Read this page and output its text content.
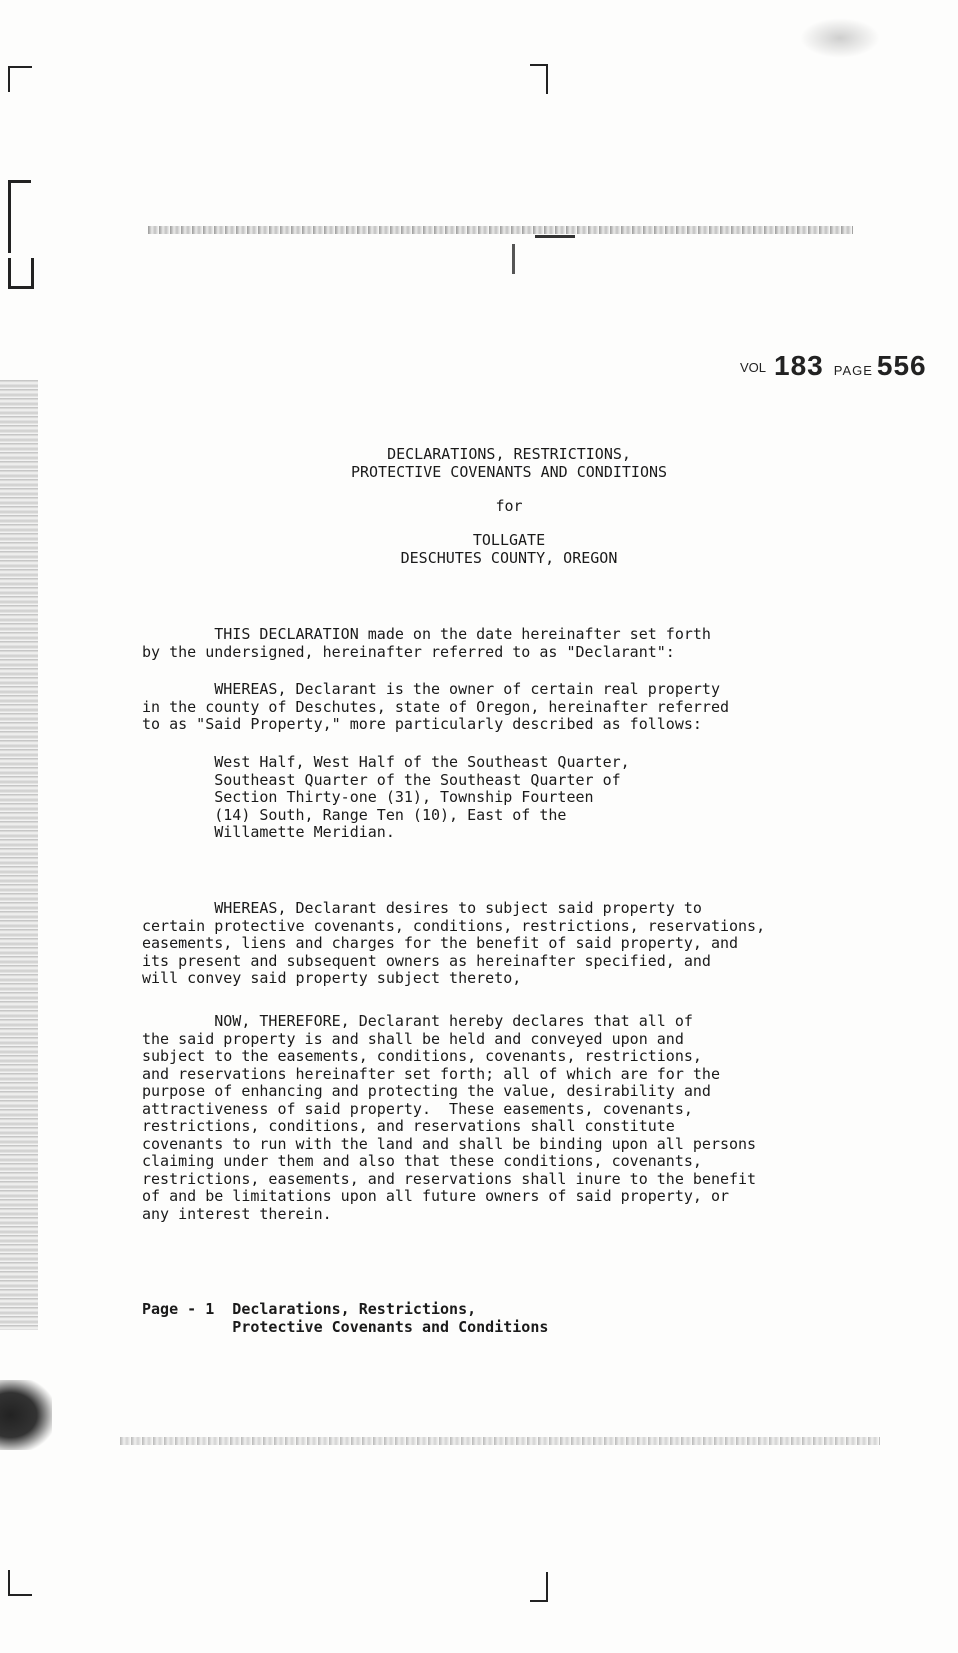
VOL 183 PAGE 556
DECLARATIONS, RESTRICTIONS,
PROTECTIVE COVENANTS AND CONDITIONS
for
TOLLGATE
DESCHUTES COUNTY, OREGON
THIS DECLARATION made on the date hereinafter set forth
by the undersigned, hereinafter referred to as "Declarant":
WHEREAS, Declarant is the owner of certain real property
in the county of Deschutes, state of Oregon, hereinafter referred
to as "Said Property," more particularly described as follows:
West Half, West Half of the Southeast Quarter,
Southeast Quarter of the Southeast Quarter of
Section Thirty-one (31), Township Fourteen
(14) South, Range Ten (10), East of the
Willamette Meridian.
WHEREAS, Declarant desires to subject said property to
certain protective covenants, conditions, restrictions, reservations,
easements, liens and charges for the benefit of said property, and
its present and subsequent owners as hereinafter specified, and
will convey said property subject thereto,
NOW, THEREFORE, Declarant hereby declares that all of
the said property is and shall be held and conveyed upon and
subject to the easements, conditions, covenants, restrictions,
and reservations hereinafter set forth; all of which are for the
purpose of enhancing and protecting the value, desirability and
attractiveness of said property.  These easements, covenants,
restrictions, conditions, and reservations shall constitute
covenants to run with the land and shall be binding upon all persons
claiming under them and also that these conditions, covenants,
restrictions, easements, and reservations shall inure to the benefit
of and be limitations upon all future owners of said property, or
any interest therein.
Page - 1  Declarations, Restrictions,
Protective Covenants and Conditions
